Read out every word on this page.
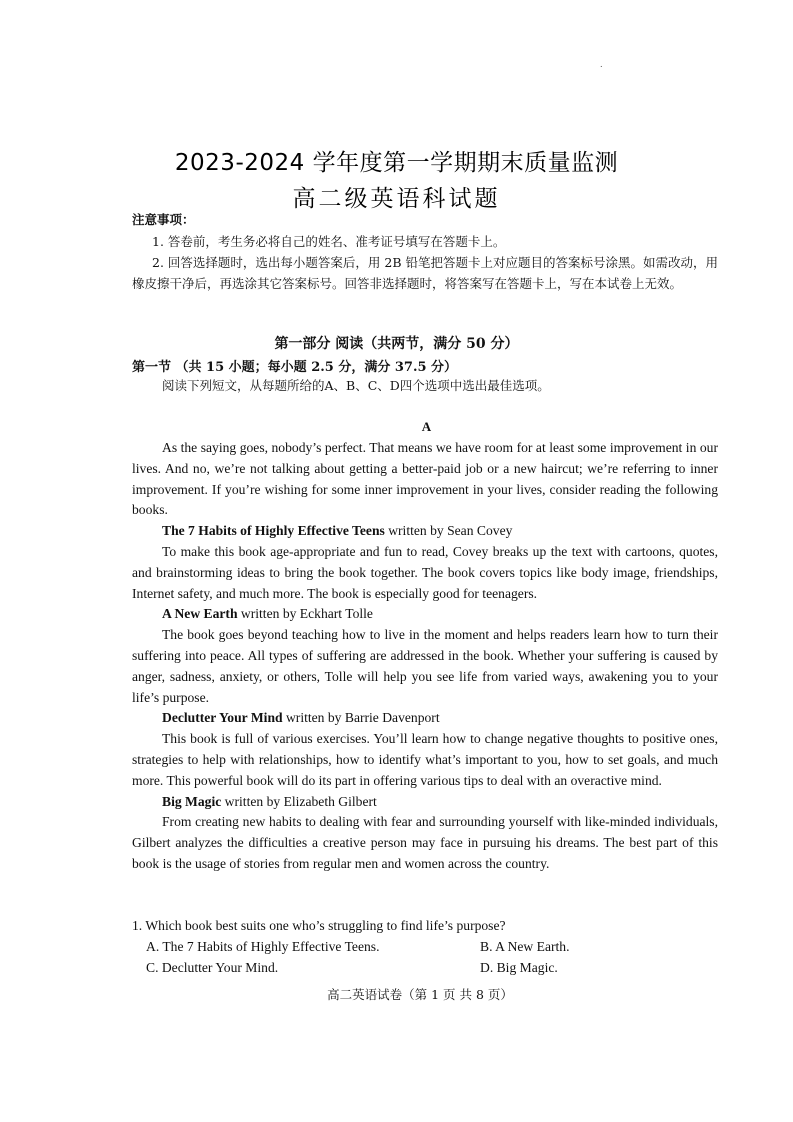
.
2023-2024 学年度第一学期期末质量监测
高二级英语科试题
注意事项：
1. 答卷前，考生务必将自己的姓名、准考证号填写在答题卡上。
2. 回答选择题时，选出每小题答案后，用 2B 铅笔把答题卡上对应题目的答案标号涂黑。如需改动，用橡皮擦干净后，再选涂其它答案标号。回答非选择题时，将答案写在答题卡上，写在本试卷上无效。
第一部分 阅读（共两节，满分 50 分）
第一节 （共 15 小题；每小题 2.5 分，满分 37.5 分）
阅读下列短文，从每题所给的A、B、C、D四个选项中选出最佳选项。
A

As the saying goes, nobody’s perfect. That means we have room for at least some improvement in our lives. And no, we’re not talking about getting a better-paid job or a new haircut; we’re referring to inner improvement. If you’re wishing for some inner improvement in your lives, consider reading the following books.

The 7 Habits of Highly Effective Teens written by Sean Covey

To make this book age-appropriate and fun to read, Covey breaks up the text with cartoons, quotes, and brainstorming ideas to bring the book together. The book covers topics like body image, friendships, Internet safety, and much more. The book is especially good for teenagers.

A New Earth written by Eckhart Tolle

The book goes beyond teaching how to live in the moment and helps readers learn how to turn their suffering into peace. All types of suffering are addressed in the book. Whether your suffering is caused by anger, sadness, anxiety, or others, Tolle will help you see life from varied ways, awakening you to your life’s purpose.

Declutter Your Mind written by Barrie Davenport

This book is full of various exercises. You’ll learn how to change negative thoughts to positive ones, strategies to help with relationships, how to identify what’s important to you, how to set goals, and much more. This powerful book will do its part in offering various tips to deal with an overactive mind.

Big Magic written by Elizabeth Gilbert

From creating new habits to dealing with fear and surrounding yourself with like-minded individuals, Gilbert analyzes the difficulties a creative person may face in pursuing his dreams. The best part of this book is the usage of stories from regular men and women across the country.

1. Which book best suits one who’s struggling to find life’s purpose?
A. The 7 Habits of Highly Effective Teens.	B. A New Earth.
C. Declutter Your Mind.	D. Big Magic.
高二英语试卷（第 1 页 共 8 页）
